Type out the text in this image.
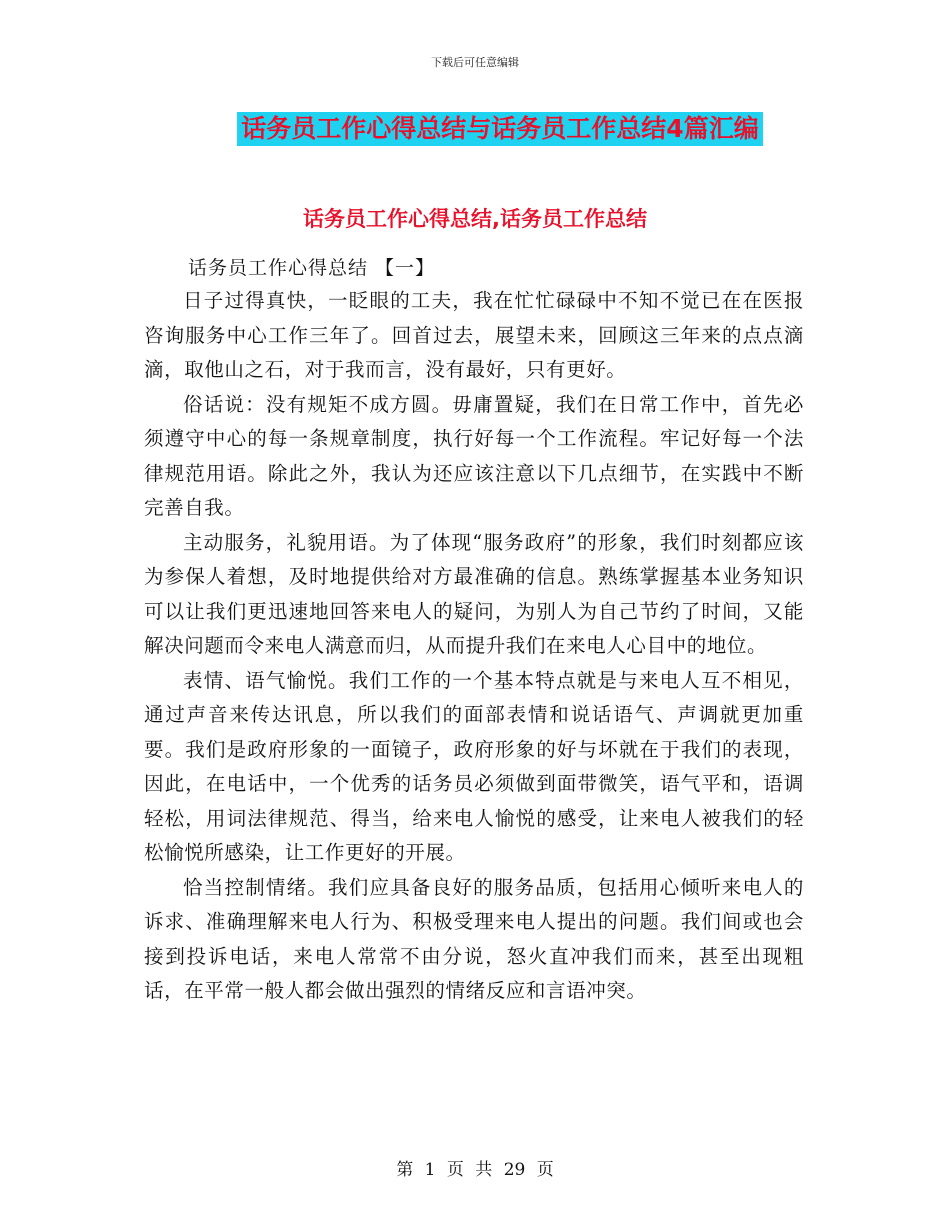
下载后可任意编辑
话务员工作心得总结与话务员工作总结4篇汇编
话务员工作心得总结,话务员工作总结
话务员工作心得总结 【一】

日子过得真快，一眨眼的工夫，我在忙忙碌碌中不知不觉已在在医报咨询服务中心工作三年了。回首过去，展望未来，回顾这三年来的点点滴滴，取他山之石，对于我而言，没有最好，只有更好。

俗话说：没有规矩不成方圆。毋庸置疑，我们在日常工作中，首先必须遵守中心的每一条规章制度，执行好每一个工作流程。牢记好每一个法律规范用语。除此之外，我认为还应该注意以下几点细节，在实践中不断完善自我。

主动服务，礼貌用语。为了体现“服务政府”的形象，我们时刻都应该为参保人着想，及时地提供给对方最准确的信息。熟练掌握基本业务知识可以让我们更迅速地回答来电人的疑问，为别人为自己节约了时间，又能解决问题而令来电人满意而归，从而提升我们在来电人心目中的地位。

表情、语气愉悦。我们工作的一个基本特点就是与来电人互不相见，通过声音来传达讯息，所以我们的面部表情和说话语气、声调就更加重要。我们是政府形象的一面镜子，政府形象的好与坏就在于我们的表现，因此，在电话中，一个优秀的话务员必须做到面带微笑，语气平和，语调轻松，用词法律规范、得当，给来电人愉悦的感受，让来电人被我们的轻松愉悦所感染，让工作更好的开展。

恰当控制情绪。我们应具备良好的服务品质，包括用心倾听来电人的诉求、准确理解来电人行为、积极受理来电人提出的问题。我们间或也会接到投诉电话，来电人常常不由分说，怒火直冲我们而来，甚至出现粗话，在平常一般人都会做出强烈的情绪反应和言语冲突。

第 1 页 共 29 页
